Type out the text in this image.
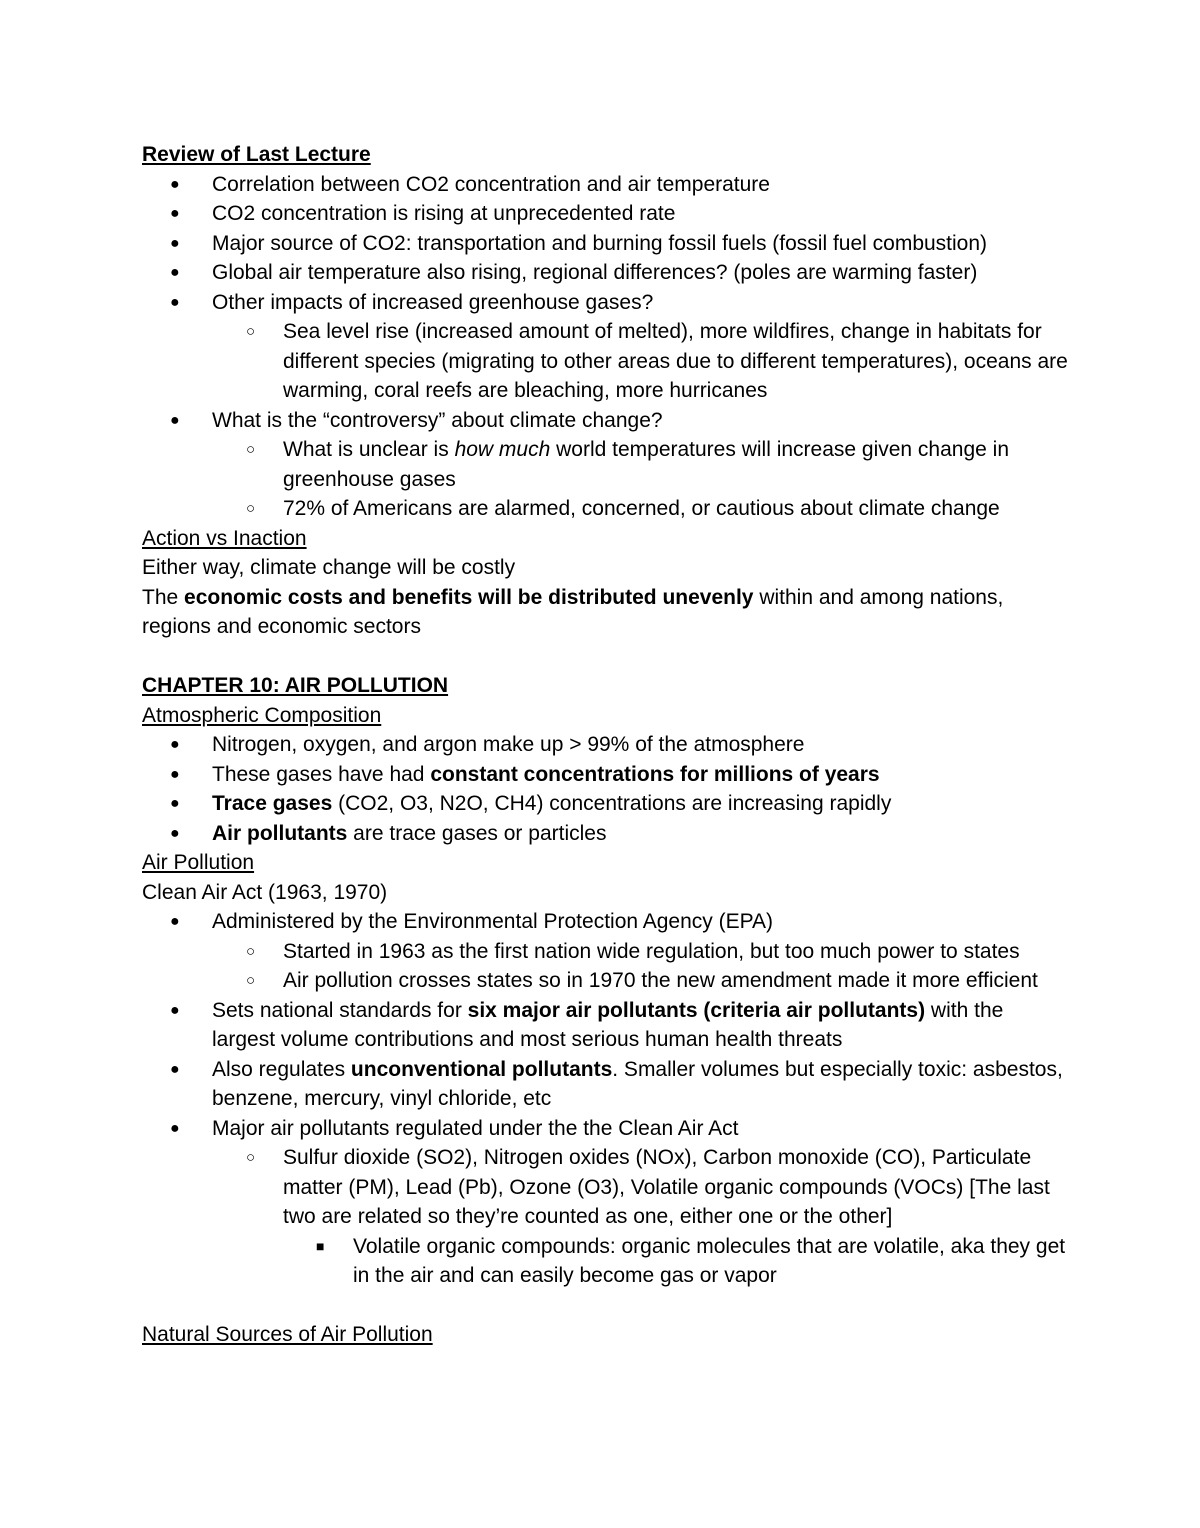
Review of Last Lecture

● Correlation between CO2 concentration and air temperature
● CO2 concentration is rising at unprecedented rate
● Major source of CO2: transportation and burning fossil fuels (fossil fuel combustion)
● Global air temperature also rising, regional differences? (poles are warming faster)
● Other impacts of increased greenhouse gases?
○ Sea level rise (increased amount of melted), more wildfires, change in habitats for different species (migrating to other areas due to different temperatures), oceans are warming, coral reefs are bleaching, more hurricanes
● What is the “controversy” about climate change?
○ What is unclear is how much world temperatures will increase given change in greenhouse gases
○ 72% of Americans are alarmed, concerned, or cautious about climate change

Action vs Inaction

Either way, climate change will be costly

The economic costs and benefits will be distributed unevenly within and among nations, regions and economic sectors

CHAPTER 10: AIR POLLUTION

Atmospheric Composition

● Nitrogen, oxygen, and argon make up > 99% of the atmosphere
● These gases have had constant concentrations for millions of years
● Trace gases (CO2, O3, N2O, CH4) concentrations are increasing rapidly
● Air pollutants are trace gases or particles

Air Pollution

Clean Air Act (1963, 1970)

● Administered by the Environmental Protection Agency (EPA)
○ Started in 1963 as the first nation wide regulation, but too much power to states
○ Air pollution crosses states so in 1970 the new amendment made it more efficient
● Sets national standards for six major air pollutants (criteria air pollutants) with the largest volume contributions and most serious human health threats
● Also regulates unconventional pollutants. Smaller volumes but especially toxic: asbestos, benzene, mercury, vinyl chloride, etc
● Major air pollutants regulated under the the Clean Air Act
○ Sulfur dioxide (SO2), Nitrogen oxides (NOx), Carbon monoxide (CO), Particulate matter (PM), Lead (Pb), Ozone (O3), Volatile organic compounds (VOCs) [The last two are related so they’re counted as one, either one or the other]
■ Volatile organic compounds: organic molecules that are volatile, aka they get in the air and can easily become gas or vapor

Natural Sources of Air Pollution
